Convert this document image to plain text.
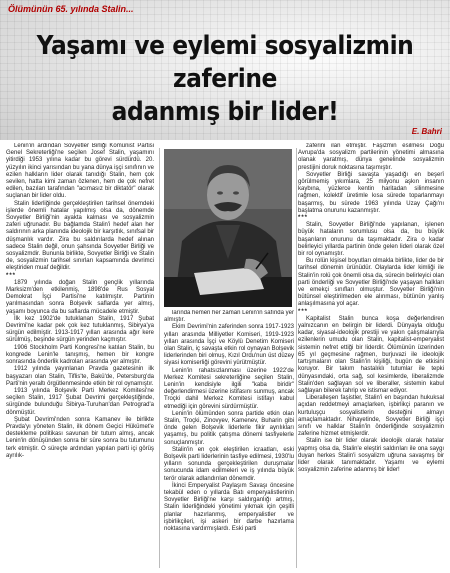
Ölümünün 65. yılında Stalin...
Yaşamı ve eylemi sosyalizmin zaferine
adanmış bir lider!
E. Bahri

Lenin'in ardından Sovyetler Birliği Komünist Partisi Genel Sekreterliği'ne seçilen Josef Stalin, yaşamını yitirdiği 1953 yılına kadar bu görevi sürdürdü. 20. yüzyılın ikinci yarısından bu yana dünya işçi sınıfının ve ezilen halkların lider olarak tanıdığı Stalin, hem çok sevilen, hatta kimi zaman özlenen, hem de çok nefret edilen, bazıları tarafından "acımasız bir diktatör" olarak suçlanan bir lider oldu.

Stalin liderliğinde gerçekleştirilen tarihsel önemdeki işlerde önemli hatalar yapılmış olsa da, dönemde Sovyetler Birliği'nin ayakta kalması ve sosyalizmin zaferi uğrunadır. Bu bağlamda Stalin'i hedef alan her saldırının arka planında ideolojik bir karşıtlık, sınıfsal bir düşmanlık vardır. Zira bu saldırılarda hedef alınan sadece Stalin değil, onun şahsında Sovyetler Birliği ve sosyalizmdir. Bununla birlikte, Sovyetler Birliği ve Stalin de, sosyalizmin tarihsel sınırları kapsamında devrimci eleştiriden muaf değildir.

***

1879 yılında doğan Stalin gençlik yıllarında Marksizm'den etkilenmiş, 1898'de Rus Sosyal Demokrat İşçi Partisi'ne katılmıştır. Partinin yarılmasından sonra Bolşevik saflarda yer almış, yaşamı boyunca da bu saflarda mücadele etmiştir.

İlk kez 1902'de tutuklanan Stalin, 1917 Şubat Devrimi'ne kadar pek çok kez tutuklanmış, Sibirya'ya sürgün edilmiştir. 1913-1917 yılları arasında ağır kere sürülmüş, beşinde sürgün yerinden kaçmıştır.

1906 Stockholm Parti Kongresi'ne katılan Stalin, bu kongrede Lenin'le tanışmış, hemen bir kongre sonrasında önderlik kadroları arasında yer almıştır.

1912 yılında yayınlanan Pravda gazetesinin ilk başyazarı olan Stalin, Tiflis'te, Bakü'de, Petersburg'da Parti'nin yeraltı örgütlenmesinde etkin bir rol oynamıştır.

1913 yılında Bolşevik Parti Merkez Komitesi'ne seçilen Stalin, 1917 Şubat Devrimi gerçekleştiğinde, sürgünde bulunduğu Sibirya-Turuhan'dan Petrograd'a dönmüştür.

Şubat Devrimi'nden sonra Kamanev ile birlikte Pravda'yı yöneten Stalin, ilk dönem Geçici Hükümet'e destekleme politikası savunan bir tutum almış, ancak Lenin'in dönüşünden sonra bir süre sonra bu tutumunu terk etmiştir. O süreçte ardından yapılan parti içi görüş ayrılık-

larında hemen her zaman Lenin'in safında yer almıştır.

Ekim Devrimi'nin zaferinden sonra 1917-1923 yılları arasında Milliyetler Komiseri, 1919-1923 yılları arasında İşçi ve Köylü Denetim Komiseri olan Stalin, iç savaşta etkin rol oynayan Bolşevik liderlerinden biri olmuş, Kızıl Ordu'nun üst düzey siyasi komiserliği görevini yürütmüştür.

Lenin'in rahatsızlanması üzerine 1922'de Merkez Komitesi sekreterliğine seçilen Stalin, Lenin'in kendisiyle ilgili "kaba biridir" değerlendirmesi üzerine istifasını sunmuş, ancak Troçki dahil Merkez Komitesi istifayı kabul etmediği için görevini sürdürmüştür.

Lenin'in ölümünden sonra partide etkin olan Stalin, Troçki, Zinovyev, Kamenev, Buharin gibi önde gelen Bolşevik liderlerle fikir ayrılıkları yaşamış, bu politik çatışma dönemi tasfiyelerle sonuçlanmıştır.

Stalin'in en çok eleştirilen icraatları, eski Bolşevik parti liderlerinin tasfiye edilmesi, 1930'lu yılların sonunda gerçekleştirilen duruşmalar sonucunda idam edilmeleri ve iş yılında büyük terör olarak adlandırılan dönemdir.

İkinci Emperyalist Paylaşım Savaşı öncesine tekabül eden o yıllarda Batı emperyalistlerinin Sovyetler Birliği'ne karşı saldırganlığı artmış, Stalin liderliğindeki yönetimi yıkmak için çeşitli planlar hazırlanmış, emperyalistler ve işbirlikçileri, işi askeri bir darbe hazırlama noktasına vardırmışlardı. Eski parti

zaferini ilan etmiştir. Faşizmin esilmesi Doğu Avrupa'da sosyalizm partilerinin yönetimi almasına olanak yaratmış, dünya genelinde sosyalizmin prestijini doruk noktasına taşımıştır.

Sovyetler Birliği savaşta yaşadığı en beşerî görülmemiş yıkımlara, 25 milyonu aşkın insanın kaybına, yüzlerce kentin haritadan silinmesine rağmen, kolektif üretimle kısa sürede toparlanmayı başarmış, bu sürede 1963 yılında Uzay Çağı'nı başlatma onurunu kazanmıştır.

***

Stalin, Sovyetler Birliği'nde yapılanan, işlenen büyük hataların sorumlusu olsa da, bu büyük başarıların onurunu da taşımaktadır. Zira o kadar belirleyici yıllarda partinin önde gelen lideri olarak özel bir rol oynamıştır.

Bu rolün kişisel boyutları olmakla birlikte, lider de bir tarihsel dönemin ürünüdür. Olaylarda lider kimliği ile Stalin'in rolü çok önemli olsa da, sürecin belirleyici olan parti önderliği ve Sovyetler Birliği'nde yaşayan halkları ve emekçi sınıfları olmuştur. Sovyetler Birliği'nin bütünsel eleştirilmeden ele alınması, bütünün yanlış anlaşılmasına yol açar.

***

Kapitalist Stalin bunca koşa değerlendiren yalnızcanın en belirgin bir liderdi. Dünyayla olduğu kadar, siyasal-ideolojik prestiji ve yakın çalışmalarıyla ezilenlerin umudu olan Stalin, kapitalist-emperyalist sistemin nefret ettiği bir liderdir. Ölümünün üzerinden 65 yıl geçmesine rağmen, burjuvazi ile ideolojik tartışmaların olan Stalin'in kişiliği, bugün de etkisini koruyor. Bir takım hastalıklı tutumlar ile tepki dünyasındaki, orta sağ, sol kesimlerde, liberalizmde Stalin'den sağlayan sol ve liberaller, sistemin kabul sağlayan bilerek tahrip ve istismar ediyor.

Liberalleşen faşistler, Stalin'i en başından hukuksal açıdan reddetmeyi amaçlarken, işbirlikçi paranın ve kurtuluşçu sosyalistlerin desteğini almayı amaçlamaktadır. Nihayetinde, Sovyetler Birliği işçi sınıfı ve halklar Stalin'in önderliğinde sosyalizmin zaferine hizmet etmişlerdir.

Stalin ise bir lider olarak ideolojik olarak hatalar yapmış olsa da, Stalin'e eleştiri saldırıları ile ona saygı duyan herkes Stalin'i sosyalizm uğruna savaşmış bir lider olarak tanımaktadır. Yaşamı ve eylemi sosyalizmin zaferine adanmış bir lider!
